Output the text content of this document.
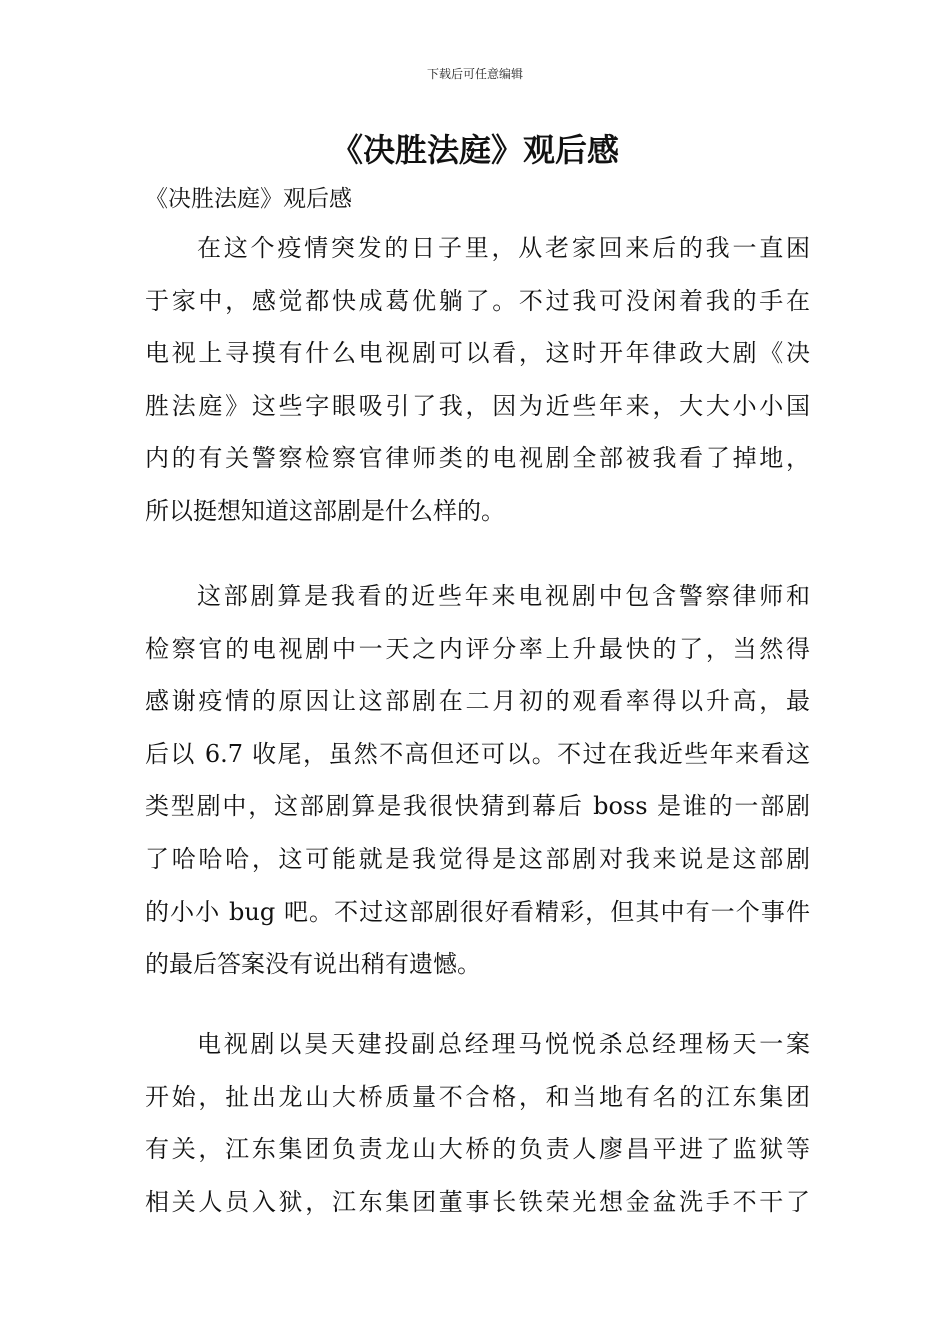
下载后可任意编辑
《决胜法庭》观后感

《决胜法庭》观后感

在这个疫情突发的日子里，从老家回来后的我一直困
于家中，感觉都快成葛优躺了。不过我可没闲着我的手在
电视上寻摸有什么电视剧可以看，这时开年律政大剧《决
胜法庭》这些字眼吸引了我，因为近些年来，大大小小国
内的有关警察检察官律师类的电视剧全部被我看了掉地，
所以挺想知道这部剧是什么样的。
这部剧算是我看的近些年来电视剧中包含警察律师和
检察官的电视剧中一天之内评分率上升最快的了，当然得
感谢疫情的原因让这部剧在二月初的观看率得以升高，最
后以 6.7 收尾，虽然不高但还可以。不过在我近些年来看这
类型剧中，这部剧算是我很快猜到幕后 boss 是谁的一部剧
了哈哈哈，这可能就是我觉得是这部剧对我来说是这部剧
的小小 bug 吧。不过这部剧很好看精彩，但其中有一个事件
的最后答案没有说出稍有遗憾。
电视剧以昊天建投副总经理马悦悦杀总经理杨天一案
开始，扯出龙山大桥质量不合格，和当地有名的江东集团
有关，江东集团负责龙山大桥的负责人廖昌平进了监狱等
相关人员入狱，江东集团董事长铁荣光想金盆洗手不干了
